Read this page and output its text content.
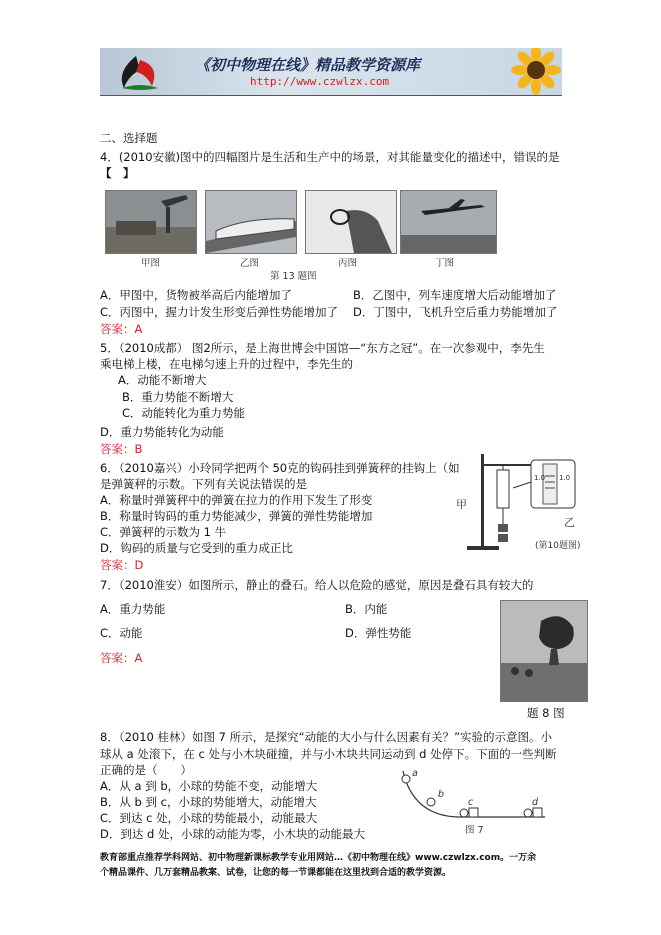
《初中物理在线》精品教学资源库
http://www.czwlzx.com
二、选择题
4．(2010安徽)图中的四幅图片是生活和生产中的场景，对其能量变化的描述中，错误的是
【　】
甲图	乙图	丙图	丁图
第 13 题图
A．甲图中，货物被举高后内能增加了	B．乙图中，列车速度增大后动能增加了
C．丙图中，握力计发生形变后弹性势能增加了 D．丁图中，飞机升空后重力势能增加了
答案：A
5．（2010成都） 图2所示，是上海世博会中国馆—“东方之冠”。在一次参观中，李先生
乘电梯上楼，在电梯匀速上升的过程中，李先生的
A．动能不断增大
B．重力势能不断增大
C．动能转化为重力势能
D．重力势能转化为动能
答案：B
6．（2010嘉兴）小玲同学把两个 50克的钩码挂到弹簧秤的挂钩上（如
是弹簧秤的示数。下列有关说法错误的是
A．称量时弹簧秤中的弹簧在拉力的作用下发生了形变
B．称量时钩码的重力势能减少，弹簧的弹性势能增加
C．弹簧秤的示数为 1 牛
D．钩码的质量与它受到的重力成正比
答案：D
甲
乙
1.0 1.0
(第10题图)
7．（2010淮安）如图所示，静止的叠石。给人以危险的感觉，原因是叠石具有较大的
A．重力势能	B．内能
C．动能	D．弹性势能
答案：A
题 8 图
8．（2010 桂林）如图 7 所示，是探究“动能的大小与什么因素有关？”实验的示意图。小
球从 a 处滚下，在 c 处与小木块碰撞，并与小木块共同运动到 d 处停下。下面的一些判断
正确的是（　　）
A．从 a 到 b，小球的势能不变，动能增大
B．从 b 到 c，小球的势能增大，动能增大
C．到达 c 处，小球的势能最小，动能最大
D．到达 d 处，小球的动能为零，小木块的动能最大
a
b
c	d
图 7
教育部重点推荐学科网站、初中物理新课标教学专业用网站…《初中物理在线》www.czwlzx.com。一万余
个精品课件、几万套精品教案、试卷，让您的每一节课都能在这里找到合适的教学资源。
